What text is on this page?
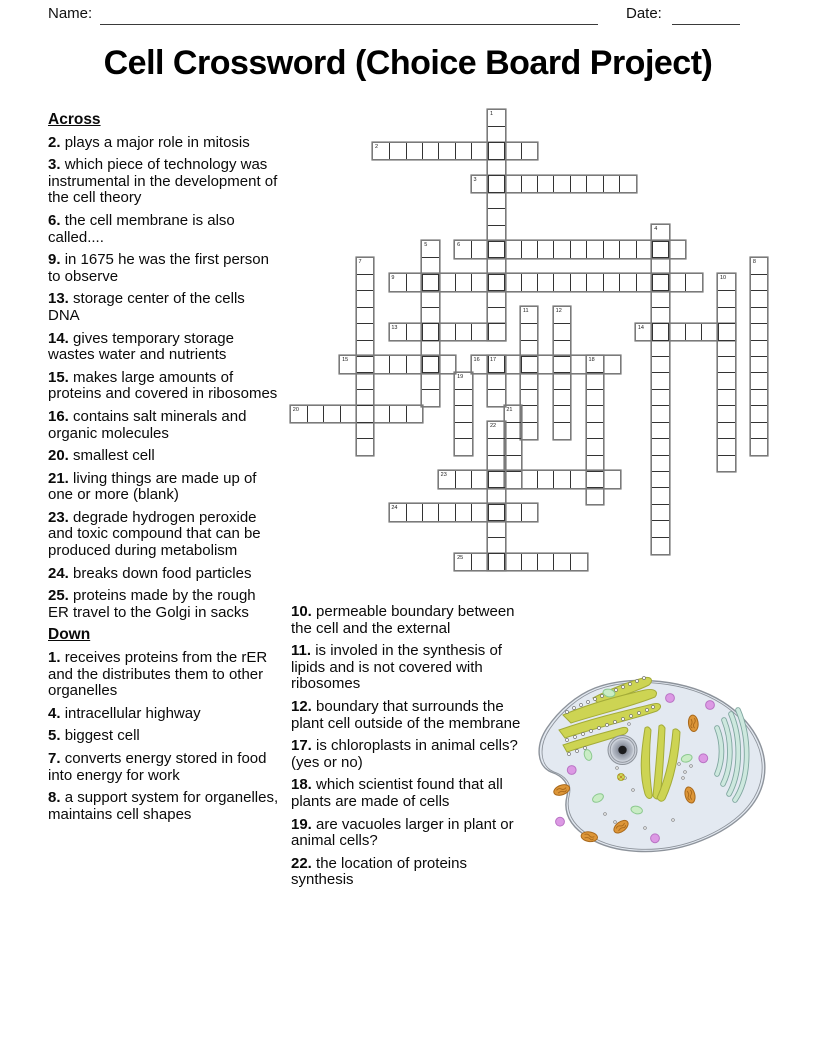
Name:	Date:
Cell Crossword (Choice Board Project)
2
3
6
9
13	14
15	16
20
23
24
25
1
4
5
7	8
10
11	12
17	18
19
21
22
Across
2. plays a major role in mitosis
3. which piece of technology was instrumental in the development of the cell theory
6. the cell membrane is also called....
9. in 1675 he was the first person to observe
13. storage center of the cells DNA
14. gives temporary storage wastes water and nutrients
15. makes large amounts of proteins and covered in ribosomes
16. contains salt minerals and organic molecules
20. smallest cell
21. living things are made up of one or more (blank)
23. degrade hydrogen peroxide and toxic compound that can be produced during metabolism
24. breaks down food particles
25. proteins made by the rough ER travel to the Golgi in sacks
Down
1. receives proteins from the rER and the distributes them to other organelles
4. intracellular highway
5. biggest cell
7. converts energy stored in food into energy for work
8. a support system for organelles, maintains cell shapes
10. permeable boundary between the cell and the external
11. is involed in the synthesis of lipids and is not covered with ribosomes
12. boundary that surrounds the plant cell outside of the membrane
17. is chloroplasts in animal cells? (yes or no)
18. which scientist found that all plants are made of cells
19. are vacuoles larger in plant or animal cells?
22. the location of proteins synthesis
